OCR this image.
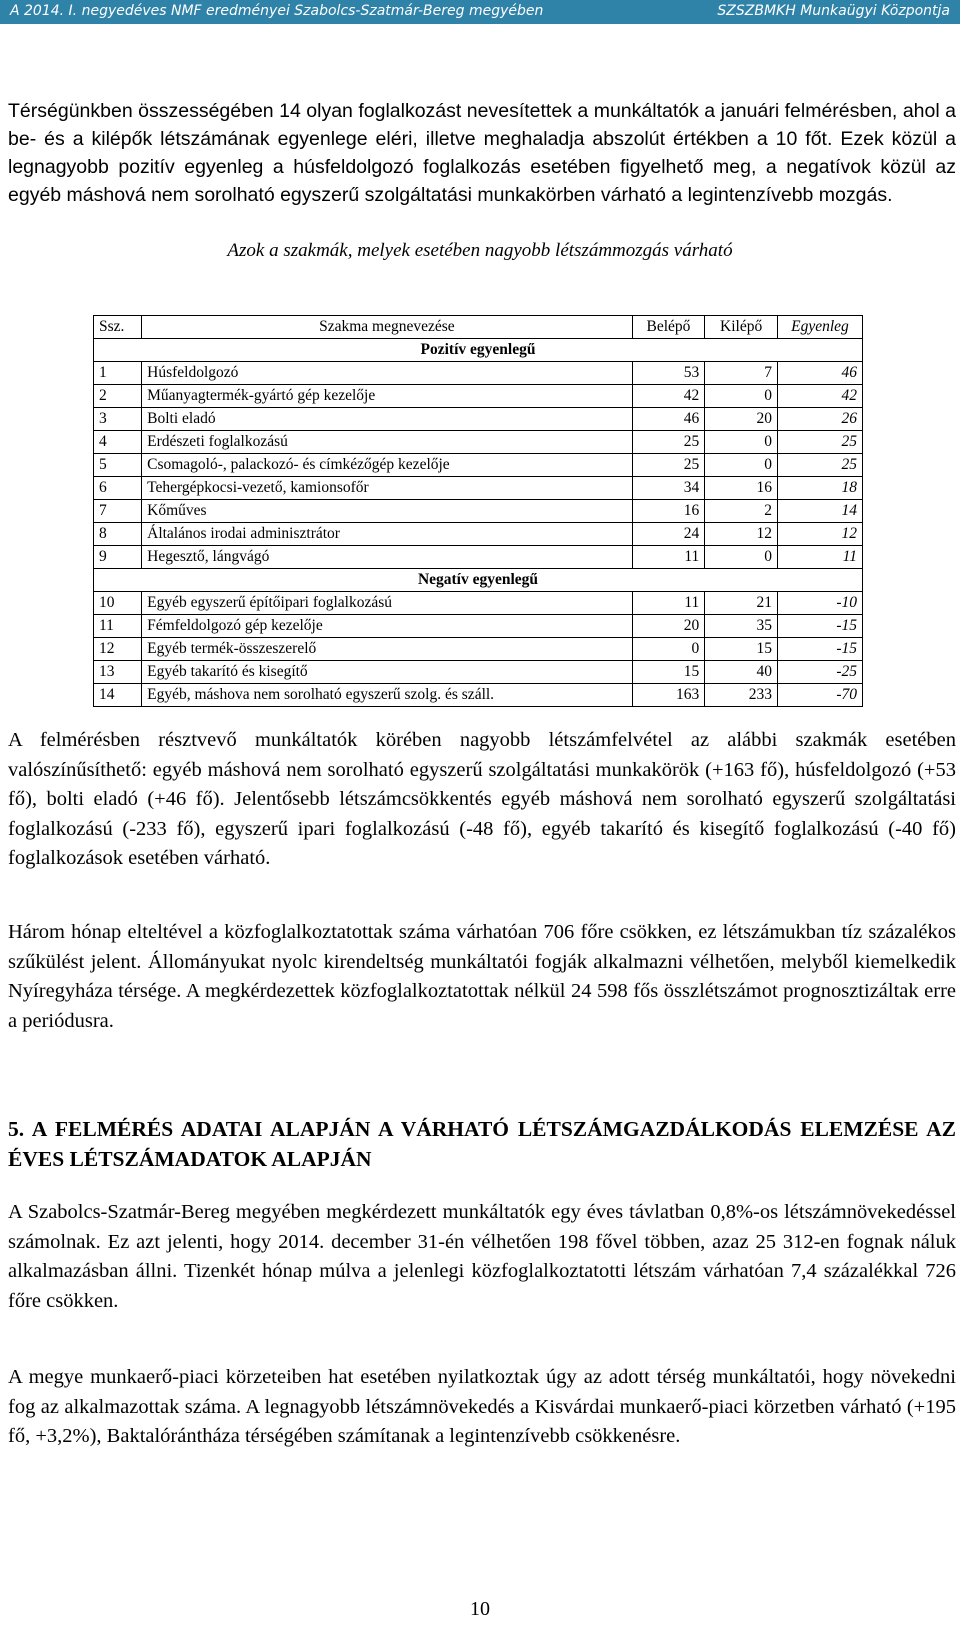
A 2014. I. negyedéves NMF eredményei Szabolcs-Szatmár-Bereg megyében	SZSZBMKH Munkaügyi Központja

Térségünkben összességében 14 olyan foglalkozást nevesítettek a munkáltatók a januári felmérésben, ahol a be- és a kilépők létszámának egyenlege eléri, illetve meghaladja abszolút értékben a 10 főt. Ezek közül a legnagyobb pozitív egyenleg a húsfeldolgozó foglalkozás esetében figyelhető meg, a negatívok közül az egyéb máshová nem sorolható egyszerű szolgáltatási munkakörben várható a legintenzívebb mozgás.

Azok a szakmák, melyek esetében nagyobb létszámmozgás várható
Ssz.	Szakma megnevezése	Belépő	Kilépő	Egyenleg
Pozitív egyenlegű				
1	Húsfeldolgozó	53	7	46
2	Műanyagtermék-gyártó gép kezelője	42	0	42
3	Bolti eladó	46	20	26
4	Erdészeti foglalkozású	25	0	25
5	Csomagoló-, palackozó- és címkézőgép kezelője	25	0	25
6	Tehergépkocsi-vezető, kamionsofőr	34	16	18
7	Kőműves	16	2	14
8	Általános irodai adminisztrátor	24	12	12
9	Hegesztő, lángvágó	11	0	11
Negatív egyenlegű				
10	Egyéb egyszerű építőipari foglalkozású	11	21	-10
11	Fémfeldolgozó gép kezelője	20	35	-15
12	Egyéb termék-összeszerelő	0	15	-15
13	Egyéb takarító és kisegítő	15	40	-25
14	Egyéb, máshova nem sorolható egyszerű szolg. és száll.	163	233	-70

A felmérésben résztvevő munkáltatók körében nagyobb létszámfelvétel az alábbi szakmák esetében valószínűsíthető: egyéb máshová nem sorolható egyszerű szolgáltatási munkakörök (+163 fő), húsfeldolgozó (+53 fő), bolti eladó (+46 fő). Jelentősebb létszámcsökkentés egyéb máshová nem sorolható egyszerű szolgáltatási foglalkozású (-233 fő), egyszerű ipari foglalkozású (-48 fő), egyéb takarító és kisegítő foglalkozású (-40 fő) foglalkozások esetében várható.

Három hónap elteltével a közfoglalkoztatottak száma várhatóan 706 főre csökken, ez létszámukban tíz százalékos szűkülést jelent. Állományukat nyolc kirendeltség munkáltatói fogják alkalmazni vélhetően, melyből kiemelkedik Nyíregyháza térsége. A megkérdezettek közfoglalkoztatottak nélkül 24 598 fős összlétszámot prognosztizáltak erre a periódusra.

5. A FELMÉRÉS ADATAI ALAPJÁN A VÁRHATÓ LÉTSZÁMGAZDÁLKODÁS ELEMZÉSE AZ ÉVES LÉTSZÁMADATOK ALAPJÁN

A Szabolcs-Szatmár-Bereg megyében megkérdezett munkáltatók egy éves távlatban 0,8%-os létszámnövekedéssel számolnak. Ez azt jelenti, hogy 2014. december 31-én vélhetően 198 fővel többen, azaz 25 312-en fognak náluk alkalmazásban állni. Tizenkét hónap múlva a jelenlegi közfoglalkoztatotti létszám várhatóan 7,4 százalékkal 726 főre csökken.

A megye munkaerő-piaci körzeteiben hat esetében nyilatkoztak úgy az adott térség munkáltatói, hogy növekedni fog az alkalmazottak száma. A legnagyobb létszámnövekedés a Kisvárdai munkaerő-piaci körzetben várható (+195 fő, +3,2%), Baktalórántháza térségében számítanak a legintenzívebb csökkenésre.

10
